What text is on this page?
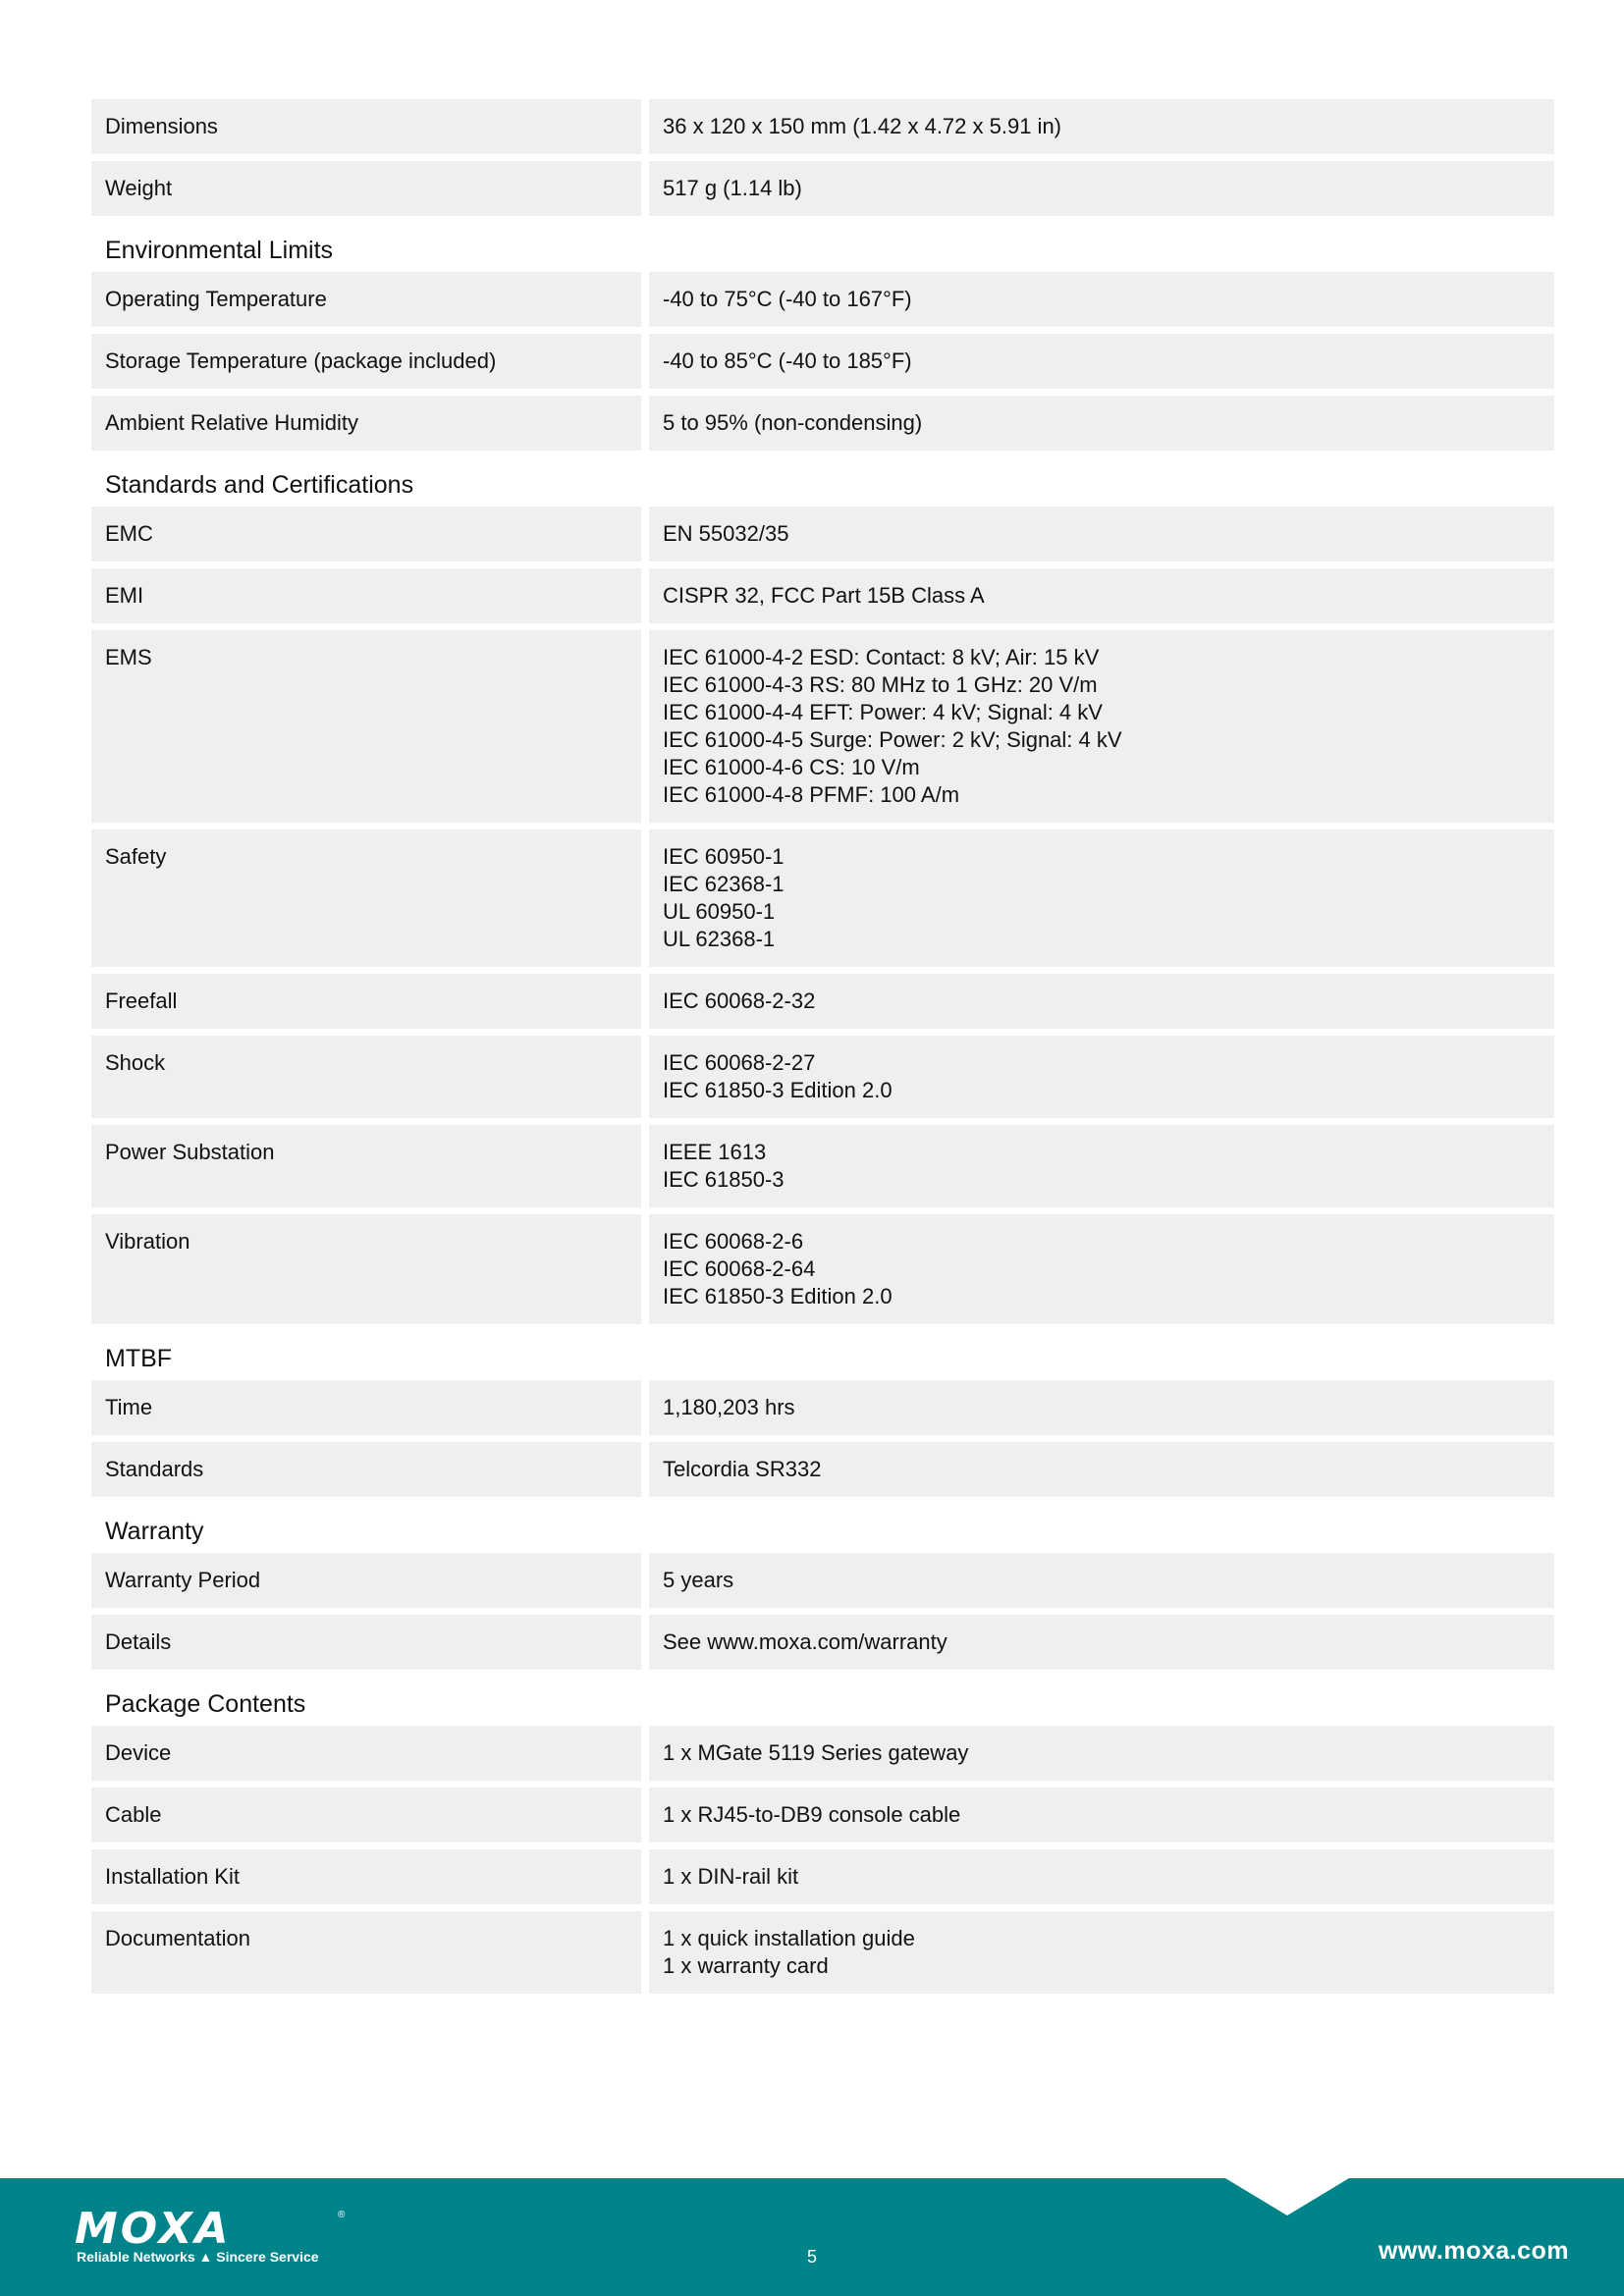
Dimensions	36 x 120 x 150 mm (1.42 x 4.72 x 5.91 in)
Weight	517 g (1.14 lb)
Environmental Limits
Operating Temperature	-40 to 75°C (-40 to 167°F)
Storage Temperature (package included)	-40 to 85°C (-40 to 185°F)
Ambient Relative Humidity	5 to 95% (non-condensing)
Standards and Certifications
EMC	EN 55032/35
EMI	CISPR 32, FCC Part 15B Class A
EMS	IEC 61000-4-2 ESD: Contact: 8 kV; Air: 15 kV
IEC 61000-4-3 RS: 80 MHz to 1 GHz: 20 V/m
IEC 61000-4-4 EFT: Power: 4 kV; Signal: 4 kV
IEC 61000-4-5 Surge: Power: 2 kV; Signal: 4 kV
IEC 61000-4-6 CS: 10 V/m
IEC 61000-4-8 PFMF: 100 A/m
Safety	IEC 60950-1
IEC 62368-1
UL 60950-1
UL 62368-1
Freefall	IEC 60068-2-32
Shock	IEC 60068-2-27
IEC 61850-3 Edition 2.0
Power Substation	IEEE 1613
IEC 61850-3
Vibration	IEC 60068-2-6
IEC 60068-2-64
IEC 61850-3 Edition 2.0
MTBF
Time	1,180,203 hrs
Standards	Telcordia SR332
Warranty
Warranty Period	5 years
Details	See www.moxa.com/warranty
Package Contents
Device	1 x MGate 5119 Series gateway
Cable	1 x RJ45-to-DB9 console cable
Installation Kit	1 x DIN-rail kit
Documentation	1 x quick installation guide
1 x warranty card
MOXA	®
Reliable Networks ▲ Sincere Service	5	www.moxa.com
